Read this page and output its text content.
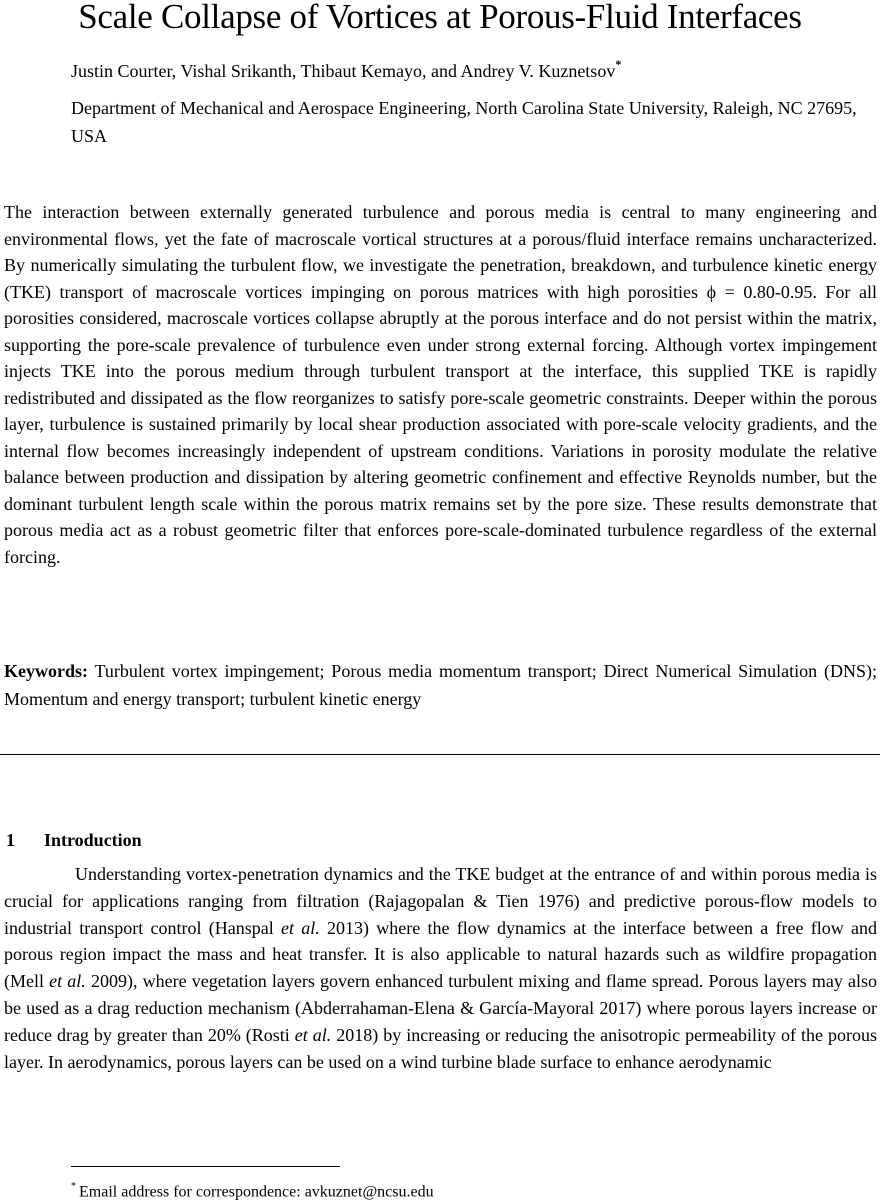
Scale Collapse of Vortices at Porous-Fluid Interfaces

Justin Courter, Vishal Srikanth, Thibaut Kemayo, and Andrey V. Kuznetsov*

Department of Mechanical and Aerospace Engineering, North Carolina State University, Raleigh, NC 27695, USA

The interaction between externally generated turbulence and porous media is central to many engineering and environmental flows, yet the fate of macroscale vortical structures at a porous/fluid interface remains uncharacterized. By numerically simulating the turbulent flow, we investigate the penetration, breakdown, and turbulence kinetic energy (TKE) transport of macroscale vortices impinging on porous matrices with high porosities ϕ = 0.80-0.95. For all porosities considered, macroscale vortices collapse abruptly at the porous interface and do not persist within the matrix, supporting the pore-scale prevalence of turbulence even under strong external forcing. Although vortex impingement injects TKE into the porous medium through turbulent transport at the interface, this supplied TKE is rapidly redistributed and dissipated as the flow reorganizes to satisfy pore-scale geometric constraints. Deeper within the porous layer, turbulence is sustained primarily by local shear production associated with pore-scale velocity gradients, and the internal flow becomes increasingly independent of upstream conditions. Variations in porosity modulate the relative balance between production and dissipation by altering geometric confinement and effective Reynolds number, but the dominant turbulent length scale within the porous matrix remains set by the pore size. These results demonstrate that porous media act as a robust geometric filter that enforces pore-scale-dominated turbulence regardless of the external forcing.

Keywords: Turbulent vortex impingement; Porous media momentum transport; Direct Numerical Simulation (DNS); Momentum and energy transport; turbulent kinetic energy

1 Introduction

Understanding vortex-penetration dynamics and the TKE budget at the entrance of and within porous media is crucial for applications ranging from filtration (Rajagopalan & Tien 1976) and predictive porous-flow models to industrial transport control (Hanspal et al. 2013) where the flow dynamics at the interface between a free flow and porous region impact the mass and heat transfer. It is also applicable to natural hazards such as wildfire propagation (Mell et al. 2009), where vegetation layers govern enhanced turbulent mixing and flame spread. Porous layers may also be used as a drag reduction mechanism (Abderrahaman-Elena & García-Mayoral 2017) where porous layers increase or reduce drag by greater than 20% (Rosti et al. 2018) by increasing or reducing the anisotropic permeability of the porous layer. In aerodynamics, porous layers can be used on a wind turbine blade surface to enhance aerodynamic

* Email address for correspondence: avkuznet@ncsu.edu
